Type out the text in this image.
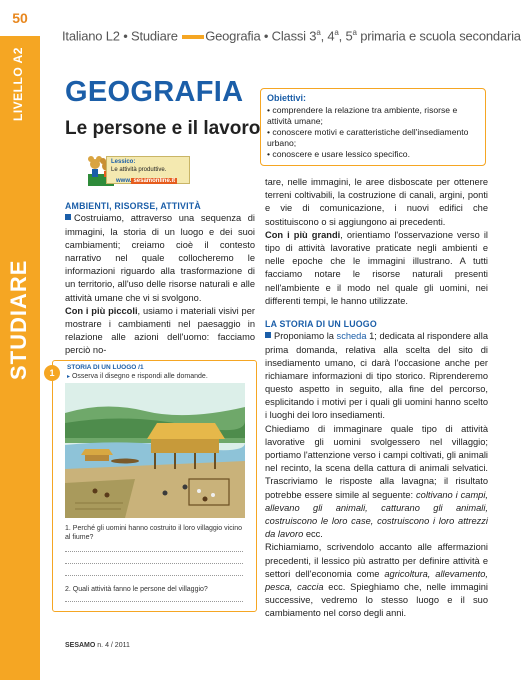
50
LIVELLO A2
STUDIARE
Italiano L2 • Studiare Geografia • Classi 3$^a$, 4$^a$, 5$^a$ primaria e scuola secondaria
GEOGRAFIA
Le persone e il lavoro
Obiettivi:
• comprendere la relazione tra ambiente, risorse e attività umane;
• conoscere motivi e caratteristiche dell'insediamento urbano;
• conoscere e usare lessico specifico.
Lessico:
Le attività produttive.
www. sesamonline.it
AMBIENTI, RISORSE, ATTIVITÀ

Costruiamo, attraverso una sequenza di immagini, la storia di un luogo e dei suoi cambiamenti; creiamo cioè il contesto narrativo nel quale collocheremo le informazioni riguardo alla trasformazione di un territorio, all'uso delle risorse naturali e alle attività umane che vi si svolgono.

Con i più piccoli, usiamo i materiali visivi per mostrare i cambiamenti nel paesaggio in relazione alle azioni dell'uomo: facciamo perciò no-

1
STORIA DI UN LUOGO /1
▸ Osserva il disegno e rispondi alle domande.
1. Perché gli uomini hanno costruito il loro villaggio vicino al fiume?
2. Quali attività fanno le persone del villaggio?

tare, nelle immagini, le aree disboscate per ottenere terreni coltivabili, la costruzione di canali, argini, ponti e vie di comunicazione, i nuovi edifici che sostituiscono o si aggiungono ai precedenti.

Con i più grandi, orientiamo l'osservazione verso il tipo di attività lavorative praticate negli ambienti e nelle epoche che le immagini illustrano. A tutti facciamo notare le risorse naturali presenti nell'ambiente e il modo nel quale gli uomini, nei differenti tempi, le hanno utilizzate.

LA STORIA DI UN LUOGO

Proponiamo la scheda 1; dedicata al rispondere alla prima domanda, relativa alla scelta del sito di insediamento umano, ci darà l'occasione anche per richiamare informazioni di tipo storico. Riprenderemo questo aspetto in seguito, alla fine del percorso, esplicitando i motivi per i quali gli uomini hanno scelto i luoghi dei loro insediamenti.

Chiediamo di immaginare quale tipo di attività lavorative gli uomini svolgessero nel villaggio; portiamo l'attenzione verso i campi coltivati, gli animali nel recinto, la scena della cattura di animali selvatici. Trascriviamo le risposte alla lavagna; il risultato potrebbe essere simile al seguente: coltivano i campi, allevano gli animali, catturano gli animali, costruiscono le loro case, costruiscono i loro attrezzi da lavoro ecc.

Richiamiamo, scrivendolo accanto alle affermazioni precedenti, il lessico più astratto per definire attività e settori dell'economia come agricoltura, allevamento, pesca, caccia ecc. Spieghiamo che, nelle immagini successive, vedremo lo stesso luogo e il suo cambiamento nel corso degli anni.

SESAMO n. 4 / 2011
